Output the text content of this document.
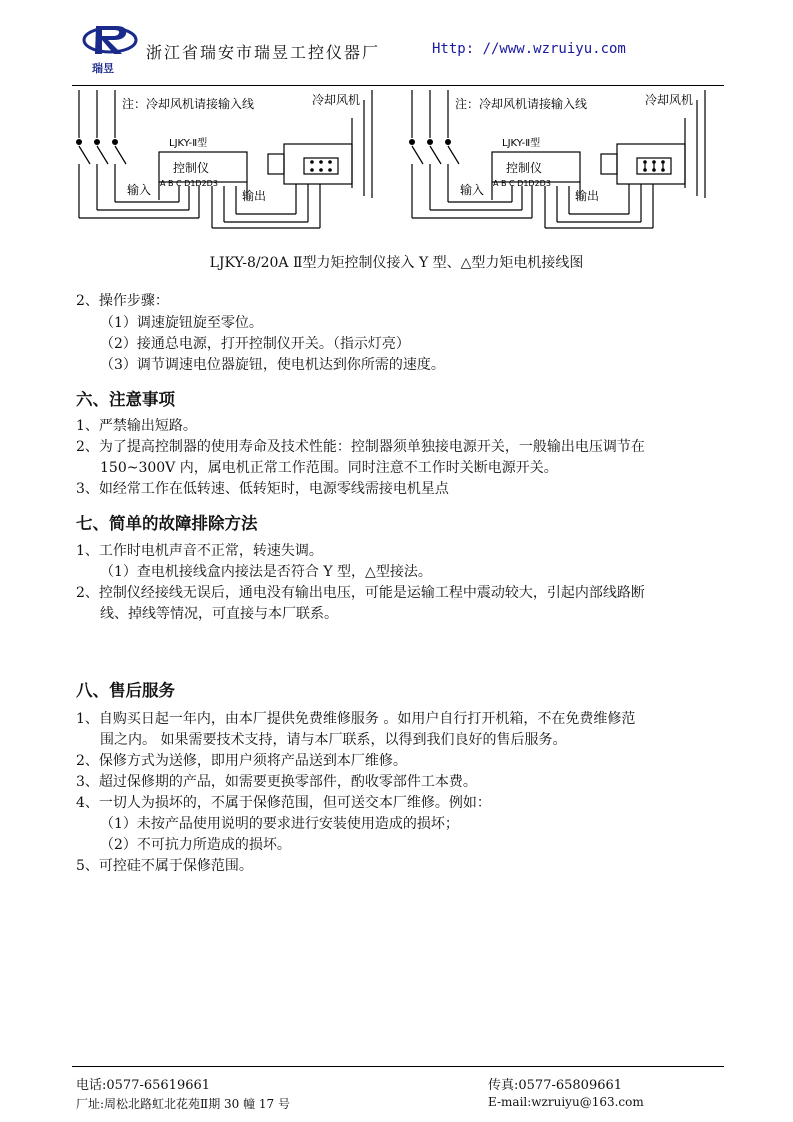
瑞昱
浙江省瑞安市瑞昱工控仪器厂	Http: //www.wzruiyu.com
注：冷却风机请接输入线	冷却风机
LJKY-Ⅱ型
控制仪
输入 A B C D1D2D3
输出
注：冷却风机请接输入线	冷却风机
LJKY-Ⅱ型
控制仪
输入 A B C D1D2D3
输出
LJKY-8/20A Ⅱ型力矩控制仪接入 Y 型、△型力矩电机接线图
2、操作步骤：
（1）调速旋钮旋至零位。
（2）接通总电源，打开控制仪开关。（指示灯亮）
（3）调节调速电位器旋钮，使电机达到你所需的速度。
六、注意事项
1、严禁输出短路。
2、为了提高控制器的使用寿命及技术性能：控制器须单独接电源开关，一般输出电压调节在
150~300V 内，属电机正常工作范围。同时注意不工作时关断电源开关。
3、如经常工作在低转速、低转矩时，电源零线需接电机星点
七、简单的故障排除方法
1、工作时电机声音不正常，转速失调。
（1）查电机接线盒内接法是否符合 Y 型，△型接法。
2、控制仪经接线无误后，通电没有输出电压，可能是运输工程中震动较大，引起内部线路断
线、掉线等情况，可直接与本厂联系。
八、售后服务
1、自购买日起一年内，由本厂提供免费维修服务 。如用户自行打开机箱，不在免费维修范
围之内。 如果需要技术支持，请与本厂联系，以得到我们良好的售后服务。
2、保修方式为送修，即用户须将产品送到本厂维修。
3、超过保修期的产品，如需要更换零部件，酌收零部件工本费。
4、一切人为损坏的，不属于保修范围，但可送交本厂维修。例如：
（1）未按产品使用说明的要求进行安装使用造成的损坏；
（2）不可抗力所造成的损坏。
5、可控硅不属于保修范围。
电话:0577-65619661	传真:0577-65809661
厂址:周松北路虹北花苑Ⅱ期 30 幢 17 号	E-mail:wzruiyu@163.com
